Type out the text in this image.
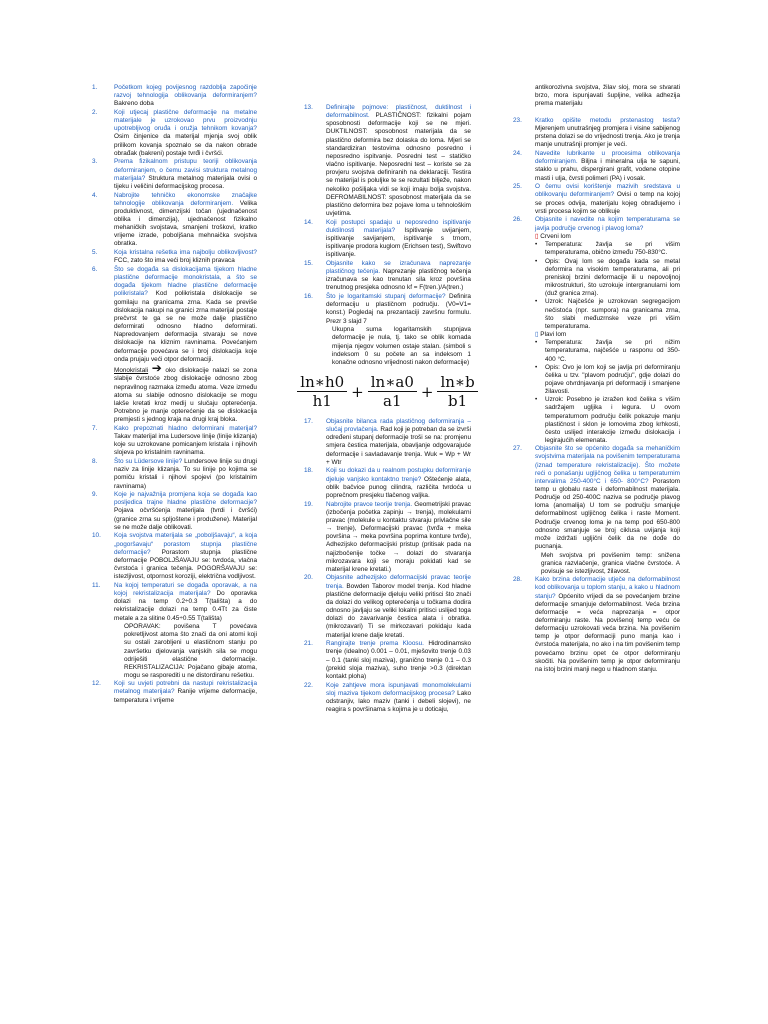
1.	Početkom kojeg povijesnog razdoblja započinje razvoj tehnologija oblikovanja deformiranjem? Bakreno doba
2.	Koji utjecaj plastične deformacije na metalne materijale je uzrokovao prvu proizvodnju upotrebljivog oruđa i oružja tehnikom kovanja? Osim činjenice da materijal mjenja svoj oblik prilikom kovanja spoznalo se da nakon obrade obrađak (bakreni) postaje tvrđi i čvršći.
3.	Prema fizikalnom pristupu teoriji oblikovanja deformiranjem, o čemu zavisi struktura metalnog materijala? Struktura metalnog materijala ovisi o tijeku i veličini deformacijskog procesa.
4.	Nabrojite tehničko ekonomske značajke tehnologije oblikovanja deformiranjem. Velika produktivnost, dimenzijski točan (ujednačenost oblika i dimenzija), ujednačenost fizikalno mehaničkih svojstava, smanjeni troškovi, kratko vrijeme izrade, poboljšana mehnaička svojstva obratka.
5.	Koja kristalna rešetka ima najbolju oblikovljivost? FCC, zato što ima veći broj kliznih pravaca
6.	Što se događa sa dislokacijama tijekom hladne plastične deformacije monokristala, a što se događa tijekom hladne plastične deformacije polikristala? Kod polikristala dislokacije se gomilaju na granicama zrna. Kada se previše dislokacija nakupi na granici zrna materijal postaje prečvrst te ga se ne može dalje plastično deformirati odnosno hladno deformirati. Napredovanjem deformacija stvaraju se nove dislokacije na kliznim ravninama. Povećanjem deformacije povećava se i broj dislokacija koje onda prujaju veći otpor deformaciji.
Monokristali ➔ oko dislokacije nalazi se zona slabije čvrstoće zbog dislokacije odnosno zbog nepravilnog razmaka između atoma. Veze između atoma su slabije odnosno dislokacije se mogu lakše kretati kroz medij u slučaju opterećenja. Potrebno je manje opterećenje da se dislokacija premjesti s jednog kraja na drugi kraj bloka.
7.	Kako prepoznati hladno deformirani materijal? Takav materijal ima Ludersove linije (linije klizanja) koje su uzrokovane pomicanjem kristala i njihovih slojeva po kristalnim ravninama.
8.	Što su Lüdersove linije? Lundersove linije su drugi naziv za linije klizanja. To su linije po kojima se pomiču kristali i njihovi spojevi (po kristalnim ravninama)
9.	Koje je najvažnija promjena koja se događa kao posljedica trajne hladne plastične deformacije? Pojava očvršćenja materijala (tvrdi i čvršći) (granice zrna su spljoštene i produžene). Materijal se ne može dalje oblikovati.
10.	Koja svojstva materijala se „poboljšavaju“, a koja „pogoršavaju“ porastom stupnja plastične deformacije? Porastom stupnja plastične deformacije POBOLJŠAVAJU se: tvrdoća, vlačna čvrstoća i granica tečenja. POGORŠAVAJU se: istezljivost, otpornost koroziji, električna vodljivost.
11.	Na kojoj temperaturi se događa oporavak, a na kojoj rekristalizacija materijala? Do oporavka dolazi na temp 0.2÷0.3 T(tališta) a do rekristalizacije dolazi na temp 0.4Tt za čiste metale a za slitine 0.45÷0.55 T(tališta)
OPORAVAK: povišena T povećava pokretljivost atoma što znači da oni atomi koji su ostali zarobljeni u elastičnom stanju po završetku djelovanja vanjskih sila se mogu odriješiti elastične deformacije. REKRISTALIZACIJA: Pojačano gibaje atoma, mogu se rasporediti u ne distordiranu rešetku.
12.	Koji su uvjeti potrebni da nastupi rekristalizacija metalnog materijala? Ranije vrijeme deformacije, temperatura i vrijeme
13.	Definirajte pojmove: plastičnost, duktilnost i deformabilnost. PLASTIČNOST: fizikalni pojam sposobnosti deformacije koji se ne mjeri. DUKTILNOST: sposobnost materijala da se plastično deformira bez dolaska do loma. Mjeri se standardiziran testovima odnosno posredno i neposredno ispitvanje. Posredni test – statičko vlačno ispitivanje. Neposredni test – koriste se za provjeru svojstva definiranih na deklaraciji. Testira se materijal is poluljke te se rezultati bilježe, nakon nekoliko pošiljaka vidi se koji imaju bolja svojstva. DEFROMABILNOST: sposobnost materijala da se plastično deformira bez pojave loma u tehnološkim uvjetima.
14.	Koji postupci spadaju u neposredno ispitivanje duktilnosti materijala? Ispitivanje uvijanjem, ispitivanje savijanjem, ispitivanje s trnom, ispitivanje prodora kuglom (Erichsen test), Swiftovo ispitivanje.
15.	Objasnite kako se izračunava naprezanje plastičnog tečenja. Naprezanje plastičnog tečenja izračunava se kao trenutan sila kroz površina trenutnog presjeka odnosno kf = F(tren.)/A(tren.)
16.	Što je logaritamski stupanj deformacije? Definira deformaciju u plastičnom području. (V0=V1= konst.) Pogledaj na prezantaciji završnu formulu. Prezr 3 slajd 7
Ukupna suma logaritamskih stupnjava deformacije je nula, tj. tako se oblik komada mijenja njegov volumen ostaje stalan. (simboli s indeksom 0 su počete an sa indeksom 1 konačne odnosno vrijednosti nakon deformacije)
$\frac{\ln∗h0}{h1} + \frac{\ln∗a0}{a1} + \frac{\ln∗b}{b1}$
17.	Objasnite bilanca rada plastičnog deformiranja – slučaj provlačenja. Rad koji je potreban da se izvrši određeni stupanj deformacije troši se na: promjenu smjera čestica materijala, obavljanje odgovarajuće deformacije i savladavanje trenja. Wuk = Wp + Wr + Wtr
18.	Koji su dokazi da u realnom postupku deformiranje djeluje vanjsko kontaktno trenje? Oštećenje alata, oblik bačvice punog cilindra, različita tvrdoća u poprečnom presjeku tlačenog valjka.
19.	Nabrojite pravce teorije trenja. Geometrijski pravac (izbočenja početka zapinju → trenja), molekularni pravac (molekule u kontaktu stvaraju privlačne sile → trenje), Deformacijski pravac (tvrđa + meka površina → meka površina poprima konture tvrđe), Adhezijsko deformacijski pristup (pritisak pada na najizbočenije točke → dolazi do stvaranja mikrozavara koji se moraju pokidati kad se materijal krene kretati.)
20.	Objasnite adhezijsko deformacijski pravac teorije trenja. Bowden Taborov model trenja. Kod hladne plastične deformacije djeluju veliki pritisci što znači da dolazi do velikog opterećenja u točkama dodira odnosno javljaju se veliki lokalni pritisci uslijed toga dolazi do zavarivanje čestica alata i obratka. (mikrozavari) Ti se mirkozavari pokidaju kada materijal krene dalje kretati.
21.	Rangirajte trenje prema Kloosu. Hidrodinamsko trenje (idealno) 0.001 – 0.01, mješovito trenje 0.03 – 0.1 (tanki sloj maziva), granično trenje 0.1 – 0.3 (prekid sloja maziva), suho trenje >0.3 (direktan kontakt ploha)
22.	Koje zahtjeve mora ispunjavati monomolekularni sloj maziva tijekom deformacijskog procesa? Lako odstranjiv, lako maziv (tanki i debeli slojevi), ne reagira s površinama s kojima je u doticaju,
antikorozivna svojstva, žilav sloj, mora se stvarati brzo, mora ispunjavati šupljine, velika adhezija prema materijalu
23.	Kratko opišite metodu prstenastog testa? Mjerenjem unutrašnjeg promjera i visine sabijenog prstena dolazi se do vrijednosti trenja. Ako je trenja manje unutrašnji promjer je veći.
24.	Navedite lubrikante u procesima oblikovanja deformiranjem. Biljna i mineralna ulja te sapuni, staklo u prahu, dispergirani grafit, vodene otopine masti i ulja, čvrsti polimeri (PA) i vosak.
25.	O čemu ovisi korištenje mazivih sredstava u oblikovanju deformiranjem? Ovisi o temp na kojoj se proces odvija, materijalu kojeg obrađujemo i vrsti procesa kojim se oblikuje
26.	Objasnite i navedite na kojim temperaturama se javlja područje crvenog i plavog loma?
▯ Crveni lom
• Temperatura: žavlja se pri višim temperaturama, obično između 750-830°C.
• Opis: Ovaj lom se događa kada se metal deformira na visokim temperaturama, ali pri preniskoj brzini deformacije ili u nepovoljnoj mikrostrukturi, što uzrokuje intergranularni lom (duž granica zrna).
• Uzrok: Najčešće je uzrokovan segregacijom nečistoća (npr. sumpora) na granicama zrna, što slabi međuzrnske veze pri višim temperaturama.
▯ Plavi lom
• Temperatura: žavlja se pri nižim temperaturama, najčešće u rasponu od 350-400 °C.
• Opis: Ovo je lom koji se javlja pri deformiranju čelika u tzv. "plavom području", gdje dolazi do pojave otvrdnjavanja pri deformaciji i smanjene žilavosti.
• Uzrok: Posebno je izražen kod čelika s višim sadržajem ugljika i legura. U ovom temperaturnom području čelik pokazuje manju plastičnost i sklon je lomovima zbog krhkosti, često uslijed interakcije između dislokacija i legirajućih elemenata.
27.	Objasnite što se općenito događa sa mehaničkim svojstvima materijala na povišenim temperaturama (iznad temperature rekristalizacije). Što možete reći o ponašanju ugljičnog čelika u temperaturnim intervalima 250-400°C i 650- 800°C? Porastom temp u globalu raste i deformabilnost materijala. Područje od 250-400C naziva se područje plavog loma (anomalija) U tom se području smanjuje deformabilnost ugljičnog čelika i raste Moment. Područje crvenog loma je na temp pod 650-800 odnosno smanjuje se broj ciklusa uvijanja koji može izdržati ugljični čelik da ne dođe do pucnanja.
Meh svojstva pri povišenim temp: snižena granica razvlačenje, granica vlačne čvrstoće. A povisuje se istezljivost, žilavost.
28.	Kako brzina deformacije utječe na deformabilnost kod oblikovanja u toplom stanju, a kako u hladnom stanju? Općenito vrijedi da se povećanjem brzine deformacije smanjuje deformabilnost. Veća brzina deformacije = veća naprezanja = otpor deformiranju raste. Na povišenoj temp veću će deformaciju uzrokovati veća brzina. Na povišenim temp je otpor deformaciji puno manja kao i čvrstoća materijala, no ako i na tim povišenim temp povećamo brzinu opet će otpor deformiranju skočiti. Na povišenim temp je otpor deformiranju na istoj brzini manji nego u hladnom stanju.
